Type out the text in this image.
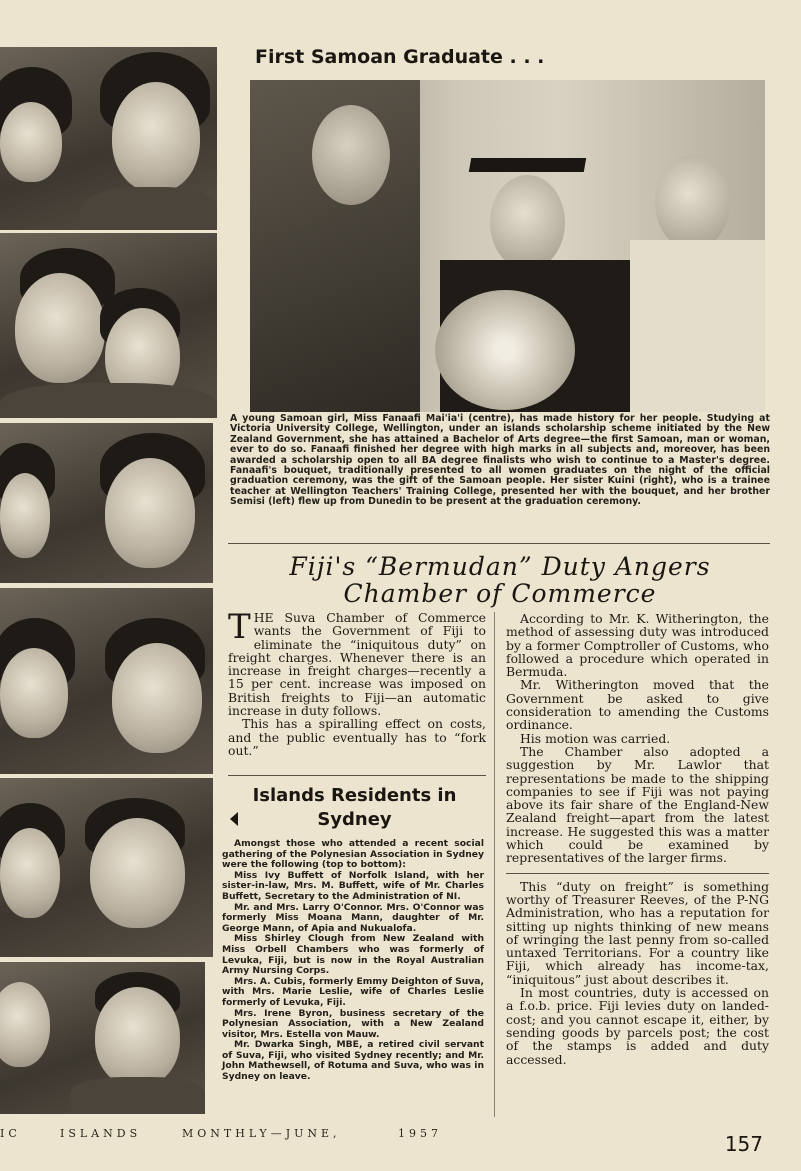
First Samoan Graduate . . .
A young Samoan girl, Miss Fanaafi Mai'ia'i (centre), has made history for her people. Studying at Victoria University College, Wellington, under an islands scholarship scheme initiated by the New Zealand Government, she has attained a Bachelor of Arts degree—the first Samoan, man or woman, ever to do so. Fanaafi finished her degree with high marks in all subjects and, moreover, has been awarded a scholarship open to all BA degree finalists who wish to continue to a Master's degree. Fanaafi's bouquet, traditionally presented to all women graduates on the night of the official graduation ceremony, was the gift of the Samoan people. Her sister Kuini (right), who is a trainee teacher at Wellington Teachers' Training College, presented her with the bouquet, and her brother Semisi (left) flew up from Dunedin to be present at the graduation ceremony.
Fiji's “Bermudan” Duty Angers Chamber of Commerce

THE Suva Chamber of Commerce wants the Government of Fiji to eliminate the “iniquitous duty” on freight charges. Whenever there is an increase in freight charges—recently a 15 per cent. increase was imposed on British freights to Fiji—an automatic increase in duty follows.

This has a spiralling effect on costs, and the public eventually has to “fork out.”

Islands Residents in
Sydney

Amongst those who attended a recent social gathering of the Polynesian Association in Sydney were the following (top to bottom):

Miss Ivy Buffett of Norfolk Island, with her sister-in-law, Mrs. M. Buffett, wife of Mr. Charles Buffett, Secretary to the Administration of NI.

Mr. and Mrs. Larry O'Connor. Mrs. O'Connor was formerly Miss Moana Mann, daughter of Mr. George Mann, of Apia and Nukualofa.

Miss Shirley Clough from New Zealand with Miss Orbell Chambers who was formerly of Levuka, Fiji, but is now in the Royal Australian Army Nursing Corps.

Mrs. A. Cubis, formerly Emmy Deighton of Suva, with Mrs. Marie Leslie, wife of Charles Leslie formerly of Levuka, Fiji.

Mrs. Irene Byron, business secretary of the Polynesian Association, with a New Zealand visitor, Mrs. Estella von Mauw.

Mr. Dwarka Singh, MBE, a retired civil servant of Suva, Fiji, who visited Sydney recently; and Mr. John Mathewsell, of Rotuma and Suva, who was in Sydney on leave.

According to Mr. K. Witherington, the method of assessing duty was introduced by a former Comptroller of Customs, who followed a procedure which operated in Bermuda.

Mr. Witherington moved that the Government be asked to give consideration to amending the Customs ordinance.

His motion was carried.

The Chamber also adopted a suggestion by Mr. Lawlor that representations be made to the shipping companies to see if Fiji was not paying above its fair share of the England-New Zealand freight—apart from the latest increase. He suggested this was a matter which could be examined by representatives of the larger firms.

This “duty on freight” is something worthy of Treasurer Reeves, of the P-NG Administration, who has a reputation for sitting up nights thinking of new means of wringing the last penny from so-called untaxed Territorians. For a country like Fiji, which already has income-tax, “iniquitous” just about describes it.

In most countries, duty is accessed on a f.o.b. price. Fiji levies duty on landed-cost; and you cannot escape it, either, by sending goods by parcels post; the cost of the stamps is added and duty accessed.

IC	ISLANDS	MONTHLY—JUNE,	1957	157
